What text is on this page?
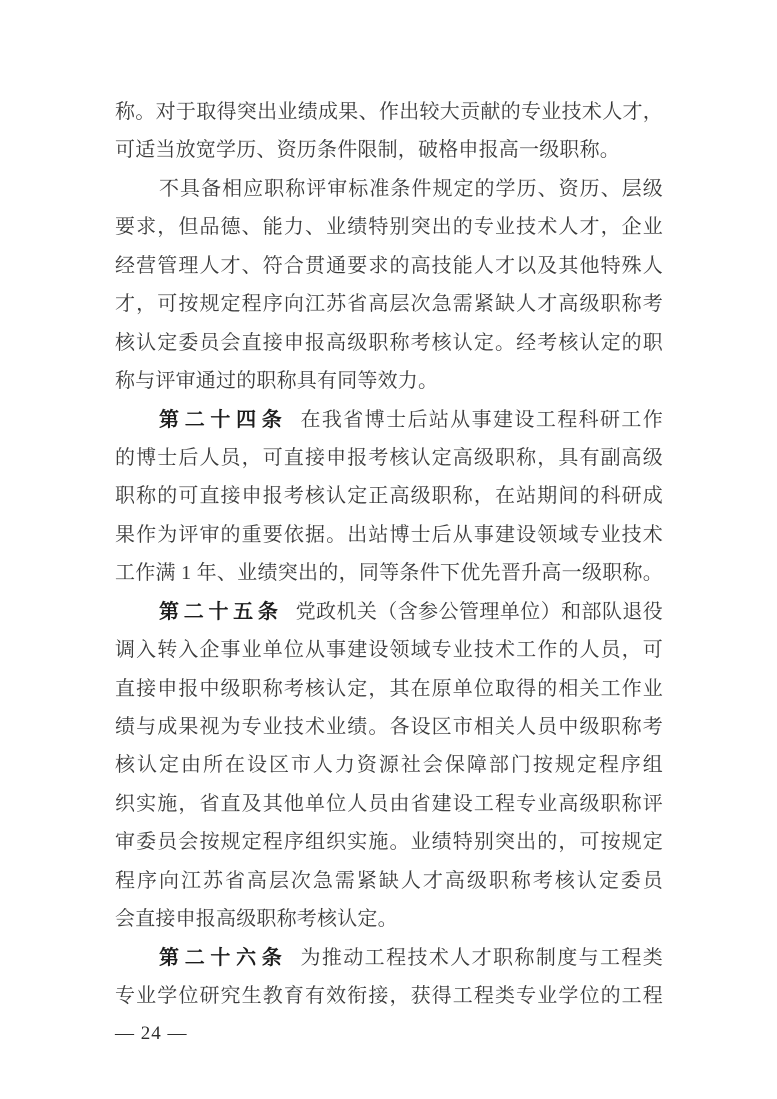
称。对于取得突出业绩成果、作出较大贡献的专业技术人才，
可适当放宽学历、资历条件限制，破格申报高一级职称。
不具备相应职称评审标准条件规定的学历、资历、层级
要求，但品德、能力、业绩特别突出的专业技术人才，企业
经营管理人才、符合贯通要求的高技能人才以及其他特殊人
才，可按规定程序向江苏省高层次急需紧缺人才高级职称考
核认定委员会直接申报高级职称考核认定。经考核认定的职
称与评审通过的职称具有同等效力。
第二十四条 在我省博士后站从事建设工程科研工作
的博士后人员，可直接申报考核认定高级职称，具有副高级
职称的可直接申报考核认定正高级职称，在站期间的科研成
果作为评审的重要依据。出站博士后从事建设领域专业技术
工作满 1 年、业绩突出的，同等条件下优先晋升高一级职称。
第二十五条 党政机关（含参公管理单位）和部队退役
调入转入企事业单位从事建设领域专业技术工作的人员，可
直接申报中级职称考核认定，其在原单位取得的相关工作业
绩与成果视为专业技术业绩。各设区市相关人员中级职称考
核认定由所在设区市人力资源社会保障部门按规定程序组
织实施，省直及其他单位人员由省建设工程专业高级职称评
审委员会按规定程序组织实施。业绩特别突出的，可按规定
程序向江苏省高层次急需紧缺人才高级职称考核认定委员
会直接申报高级职称考核认定。
第二十六条 为推动工程技术人才职称制度与工程类
专业学位研究生教育有效衔接，获得工程类专业学位的工程
— 24 —
